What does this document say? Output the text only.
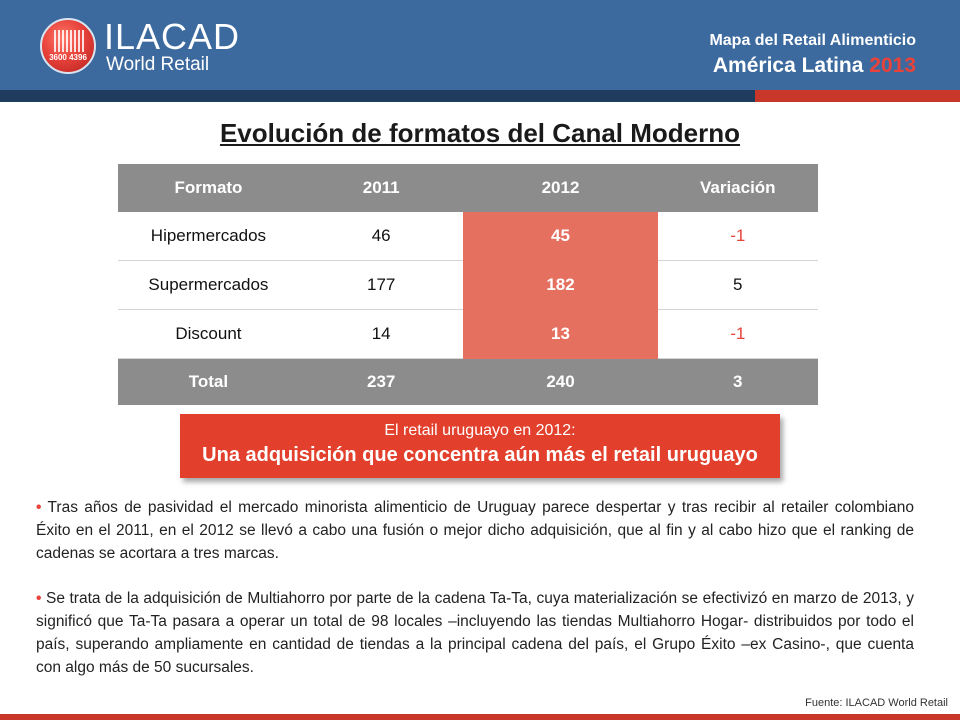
3600 4396
ILACAD
World Retail
Mapa del Retail Alimenticio
América Latina 2013
Evolución de formatos del Canal Moderno
Formato	2011	2012	Variación
Hipermercados	46	45	-1
Supermercados	177	182	5
Discount	14	13	-1
Total	237	240	3
El retail uruguayo en 2012:
Una adquisición que concentra aún más el retail uruguayo

• Tras años de pasividad el mercado minorista alimenticio de Uruguay parece despertar y tras recibir al retailer colombiano Éxito en el 2011, en el 2012 se llevó a cabo una fusión o mejor dicho adquisición, que al fin y al cabo hizo que el ranking de cadenas se acortara a tres marcas.

• Se trata de la adquisición de Multiahorro por parte de la cadena Ta-Ta, cuya materialización se efectivizó en marzo de 2013, y significó que Ta-Ta pasara a operar un total de 98 locales –incluyendo las tiendas Multiahorro Hogar- distribuidos por todo el país, superando ampliamente en cantidad de tiendas a la principal cadena del país, el Grupo Éxito –ex Casino-, que cuenta con algo más de 50 sucursales.

Fuente: ILACAD World Retail
